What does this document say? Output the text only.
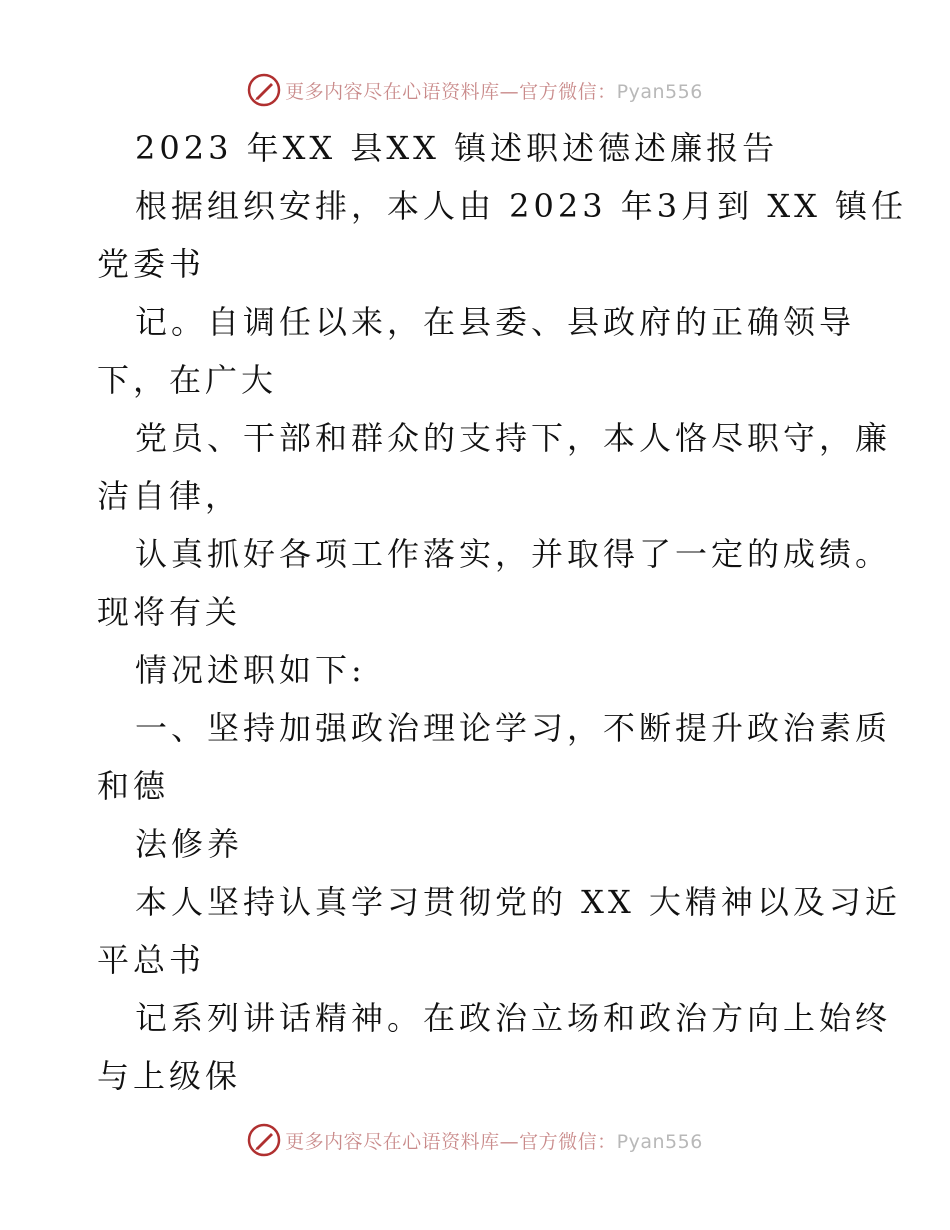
更多内容尽在心语资料库—官方微信：Pyan556
2023 年XX 县XX 镇述职述德述廉报告
根据组织安排，本人由 2023 年3月到 XX 镇任
党委书
记。自调任以来，在县委、县政府的正确领导
下，在广大
党员、干部和群众的支持下，本人恪尽职守，廉
洁自律，
认真抓好各项工作落实，并取得了一定的成绩。
现将有关
情况述职如下:
一、坚持加强政治理论学习，不断提升政治素质
和德
法修养
本人坚持认真学习贯彻党的 XX 大精神以及习近
平总书
记系列讲话精神。在政治立场和政治方向上始终
与上级保
更多内容尽在心语资料库—官方微信：Pyan556
